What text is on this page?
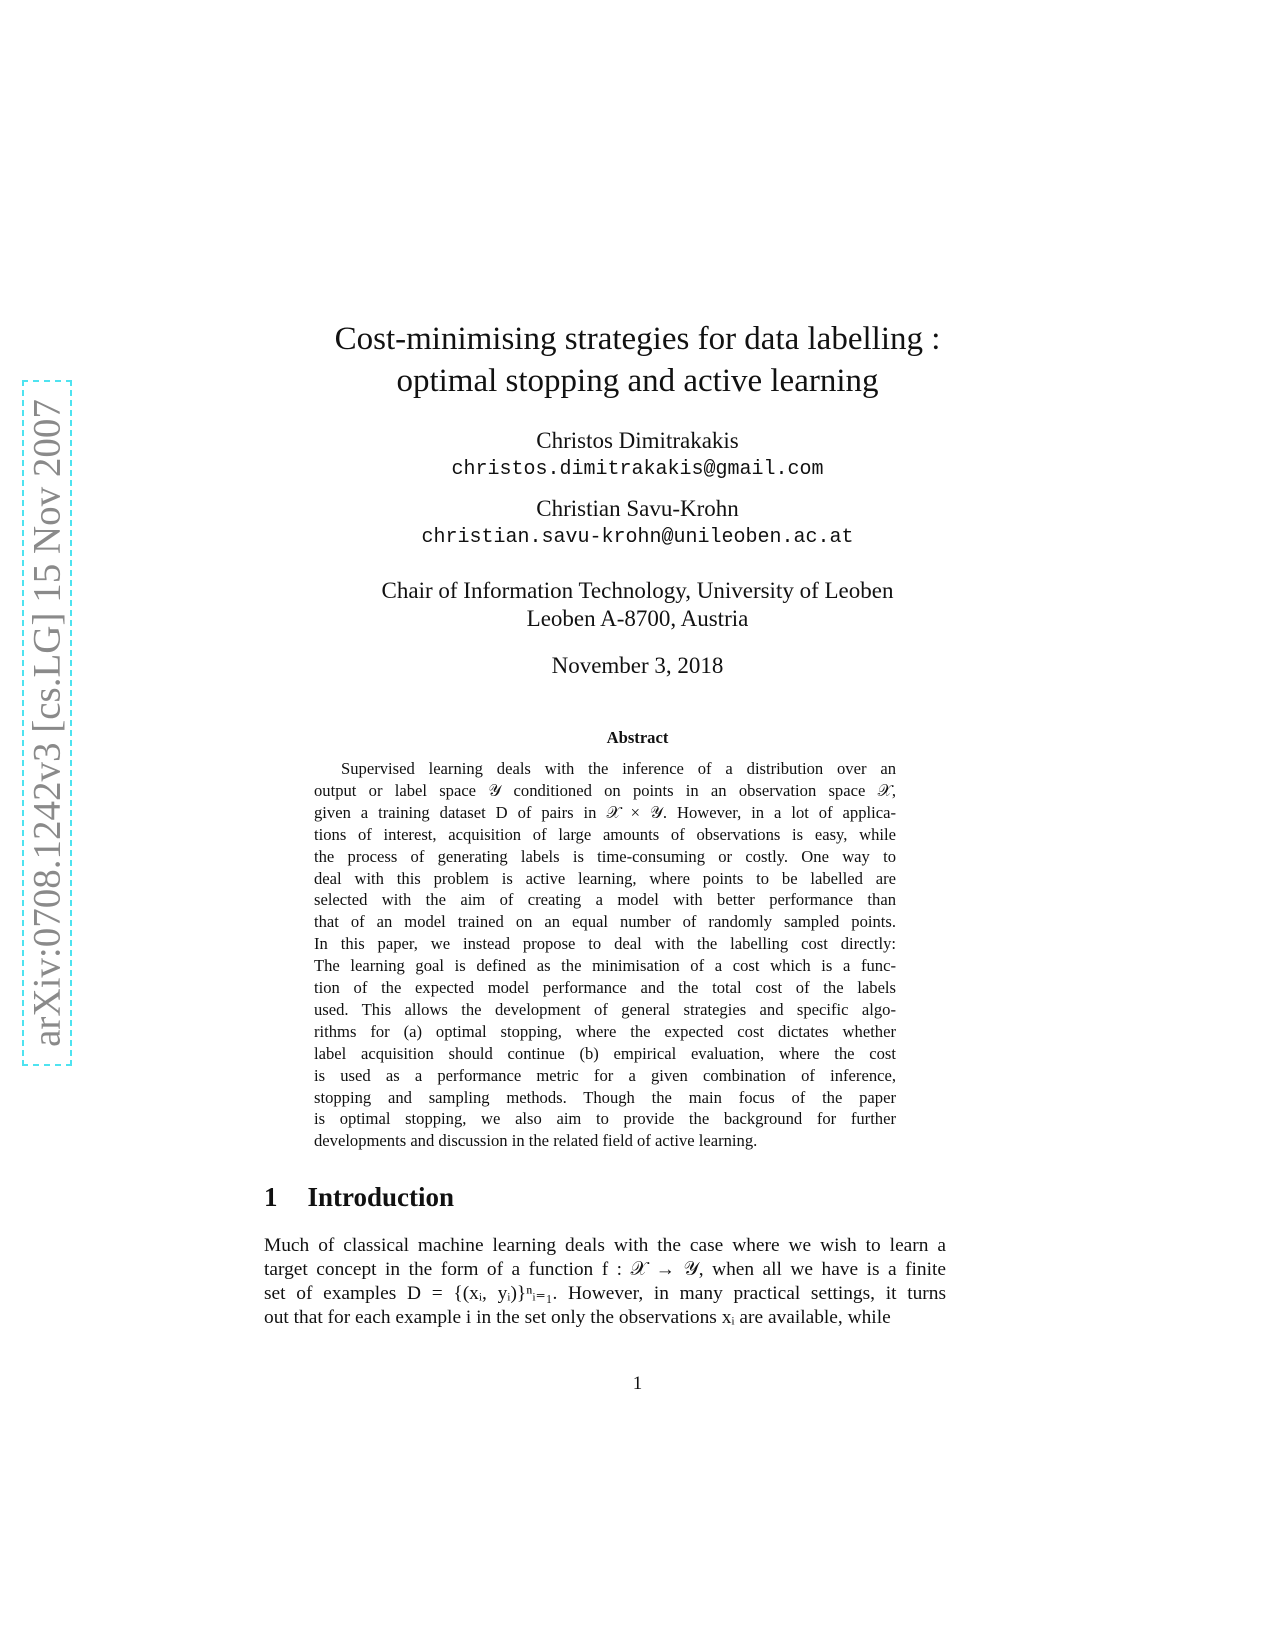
arXiv:0708.1242v3 [cs.LG] 15 Nov 2007
Cost-minimising strategies for data labelling :
optimal stopping and active learning
Christos Dimitrakakis
christos.dimitrakakis@gmail.com
Christian Savu-Krohn
christian.savu-krohn@unileoben.ac.at
Chair of Information Technology, University of Leoben
Leoben A-8700, Austria
November 3, 2018
Abstract
Supervised learning deals with the inference of a distribution over an
output or label space 𝒴 conditioned on points in an observation space 𝒳,
given a training dataset D of pairs in 𝒳 × 𝒴. However, in a lot of applica-
tions of interest, acquisition of large amounts of observations is easy, while
the process of generating labels is time-consuming or costly. One way to
deal with this problem is active learning, where points to be labelled are
selected with the aim of creating a model with better performance than
that of an model trained on an equal number of randomly sampled points.
In this paper, we instead propose to deal with the labelling cost directly:
The learning goal is defined as the minimisation of a cost which is a func-
tion of the expected model performance and the total cost of the labels
used. This allows the development of general strategies and specific algo-
rithms for (a) optimal stopping, where the expected cost dictates whether
label acquisition should continue (b) empirical evaluation, where the cost
is used as a performance metric for a given combination of inference,
stopping and sampling methods. Though the main focus of the paper
is optimal stopping, we also aim to provide the background for further
developments and discussion in the related field of active learning.
1 Introduction
Much of classical machine learning deals with the case where we wish to learn a
target concept in the form of a function f : 𝒳 → 𝒴, when all we have is a finite
set of examples D = {(xᵢ, yᵢ)}ⁿᵢ₌₁. However, in many practical settings, it turns
out that for each example i in the set only the observations xᵢ are available, while
1
